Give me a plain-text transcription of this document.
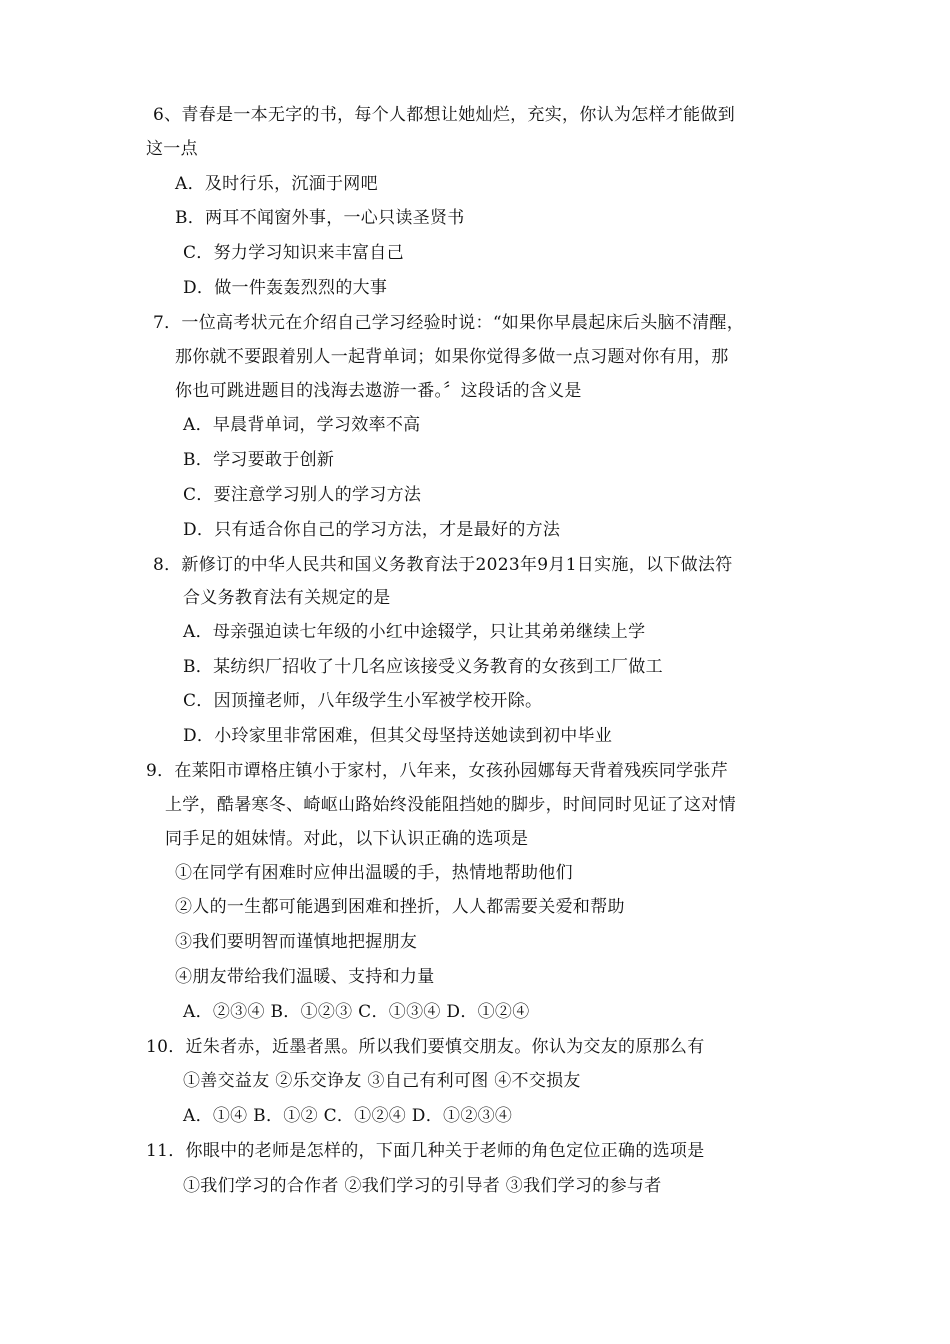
6、青春是一本无字的书，每个人都想让她灿烂，充实，你认为怎样才能做到
这一点
A．及时行乐，沉湎于网吧
B．两耳不闻窗外事，一心只读圣贤书
C．努力学习知识来丰富自己
D．做一件轰轰烈烈的大事
7．一位高考状元在介绍自己学习经验时说：“如果你早晨起床后头脑不清醒，
那你就不要跟着别人一起背单词；如果你觉得多做一点习题对你有用，那
你也可跳进题目的浅海去遨游一番。〞这段话的含义是
A．早晨背单词，学习效率不高
B．学习要敢于创新
C．要注意学习别人的学习方法
D．只有适合你自己的学习方法，才是最好的方法
8．新修订的中华人民共和国义务教育法于2023年9月1日实施，以下做法符
合义务教育法有关规定的是
A．母亲强迫读七年级的小红中途辍学，只让其弟弟继续上学
B．某纺织厂招收了十几名应该接受义务教育的女孩到工厂做工
C．因顶撞老师，八年级学生小军被学校开除。
D．小玲家里非常困难，但其父母坚持送她读到初中毕业
9．在莱阳市谭格庄镇小于家村，八年来，女孩孙园娜每天背着残疾同学张芹
上学，酷暑寒冬、崎岖山路始终没能阻挡她的脚步，时间同时见证了这对情
同手足的姐妹情。对此，以下认识正确的选项是
①在同学有困难时应伸出温暖的手，热情地帮助他们
②人的一生都可能遇到困难和挫折，人人都需要关爱和帮助
③我们要明智而谨慎地把握朋友
④朋友带给我们温暖、支持和力量
A．②③④ B．①②③ C．①③④ D．①②④
10．近朱者赤，近墨者黑。所以我们要慎交朋友。你认为交友的原那么有
①善交益友 ②乐交诤友 ③自己有利可图 ④不交损友
A．①④ B．①② C．①②④ D．①②③④
11．你眼中的老师是怎样的，下面几种关于老师的角色定位正确的选项是
①我们学习的合作者 ②我们学习的引导者 ③我们学习的参与者
